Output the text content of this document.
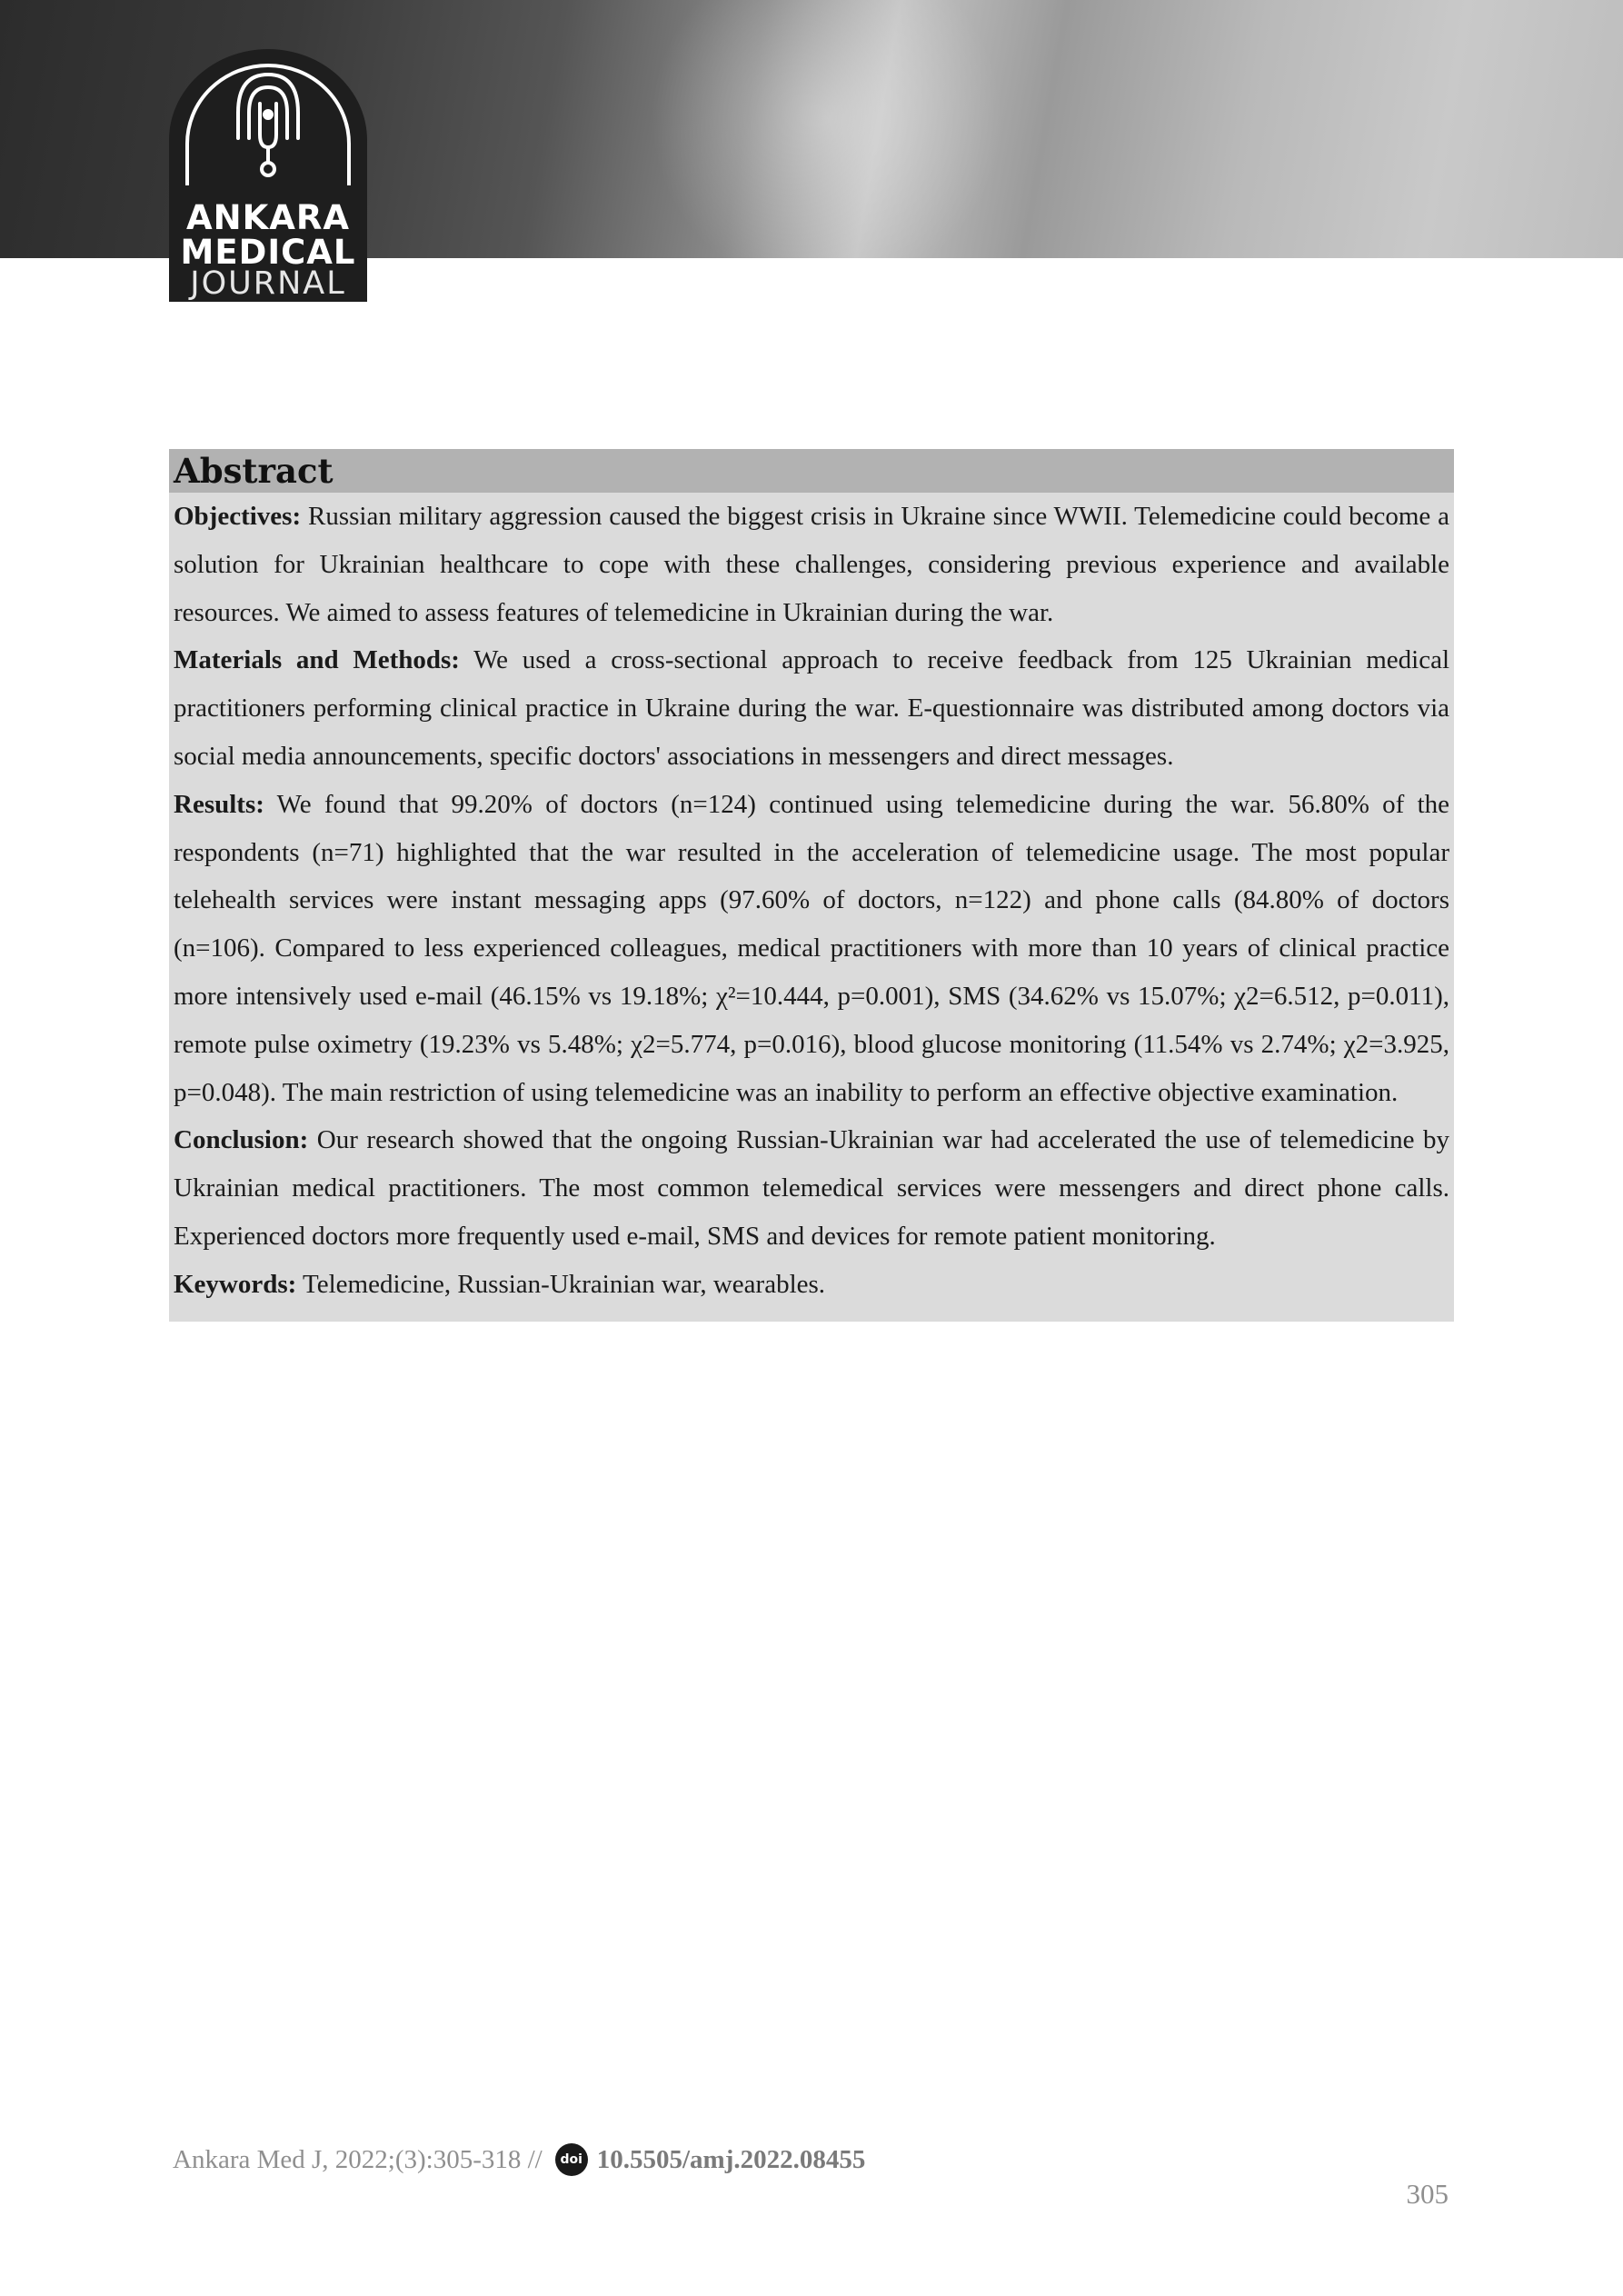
ANKARA
MEDICAL
JOURNAL
Abstract

Objectives: Russian military aggression caused the biggest crisis in Ukraine since WWII. Telemedicine could become a solution for Ukrainian healthcare to cope with these challenges, considering previous experience and available resources. We aimed to assess features of telemedicine in Ukrainian during the war.

Materials and Methods: We used a cross-sectional approach to receive feedback from 125 Ukrainian medical practitioners performing clinical practice in Ukraine during the war. E-questionnaire was distributed among doctors via social media announcements, specific doctors' associations in messengers and direct messages.

Results: We found that 99.20% of doctors (n=124) continued using telemedicine during the war. 56.80% of the respondents (n=71) highlighted that the war resulted in the acceleration of telemedicine usage. The most popular telehealth services were instant messaging apps (97.60% of doctors, n=122) and phone calls (84.80% of doctors (n=106). Compared to less experienced colleagues, medical practitioners with more than 10 years of clinical practice more intensively used e-mail (46.15% vs 19.18%; χ²=10.444, p=0.001), SMS (34.62% vs 15.07%; χ2=6.512, p=0.011), remote pulse oximetry (19.23% vs 5.48%; χ2=5.774, p=0.016), blood glucose monitoring (11.54% vs 2.74%; χ2=3.925, p=0.048). The main restriction of using telemedicine was an inability to perform an effective objective examination.

Conclusion: Our research showed that the ongoing Russian-Ukrainian war had accelerated the use of telemedicine by Ukrainian medical practitioners. The most common telemedical services were messengers and direct phone calls. Experienced doctors more frequently used e-mail, SMS and devices for remote patient monitoring.

Keywords: Telemedicine, Russian-Ukrainian war, wearables.

Ankara Med J, 2022;(3):305-318 //	doi 10.5505/amj.2022.08455
305
